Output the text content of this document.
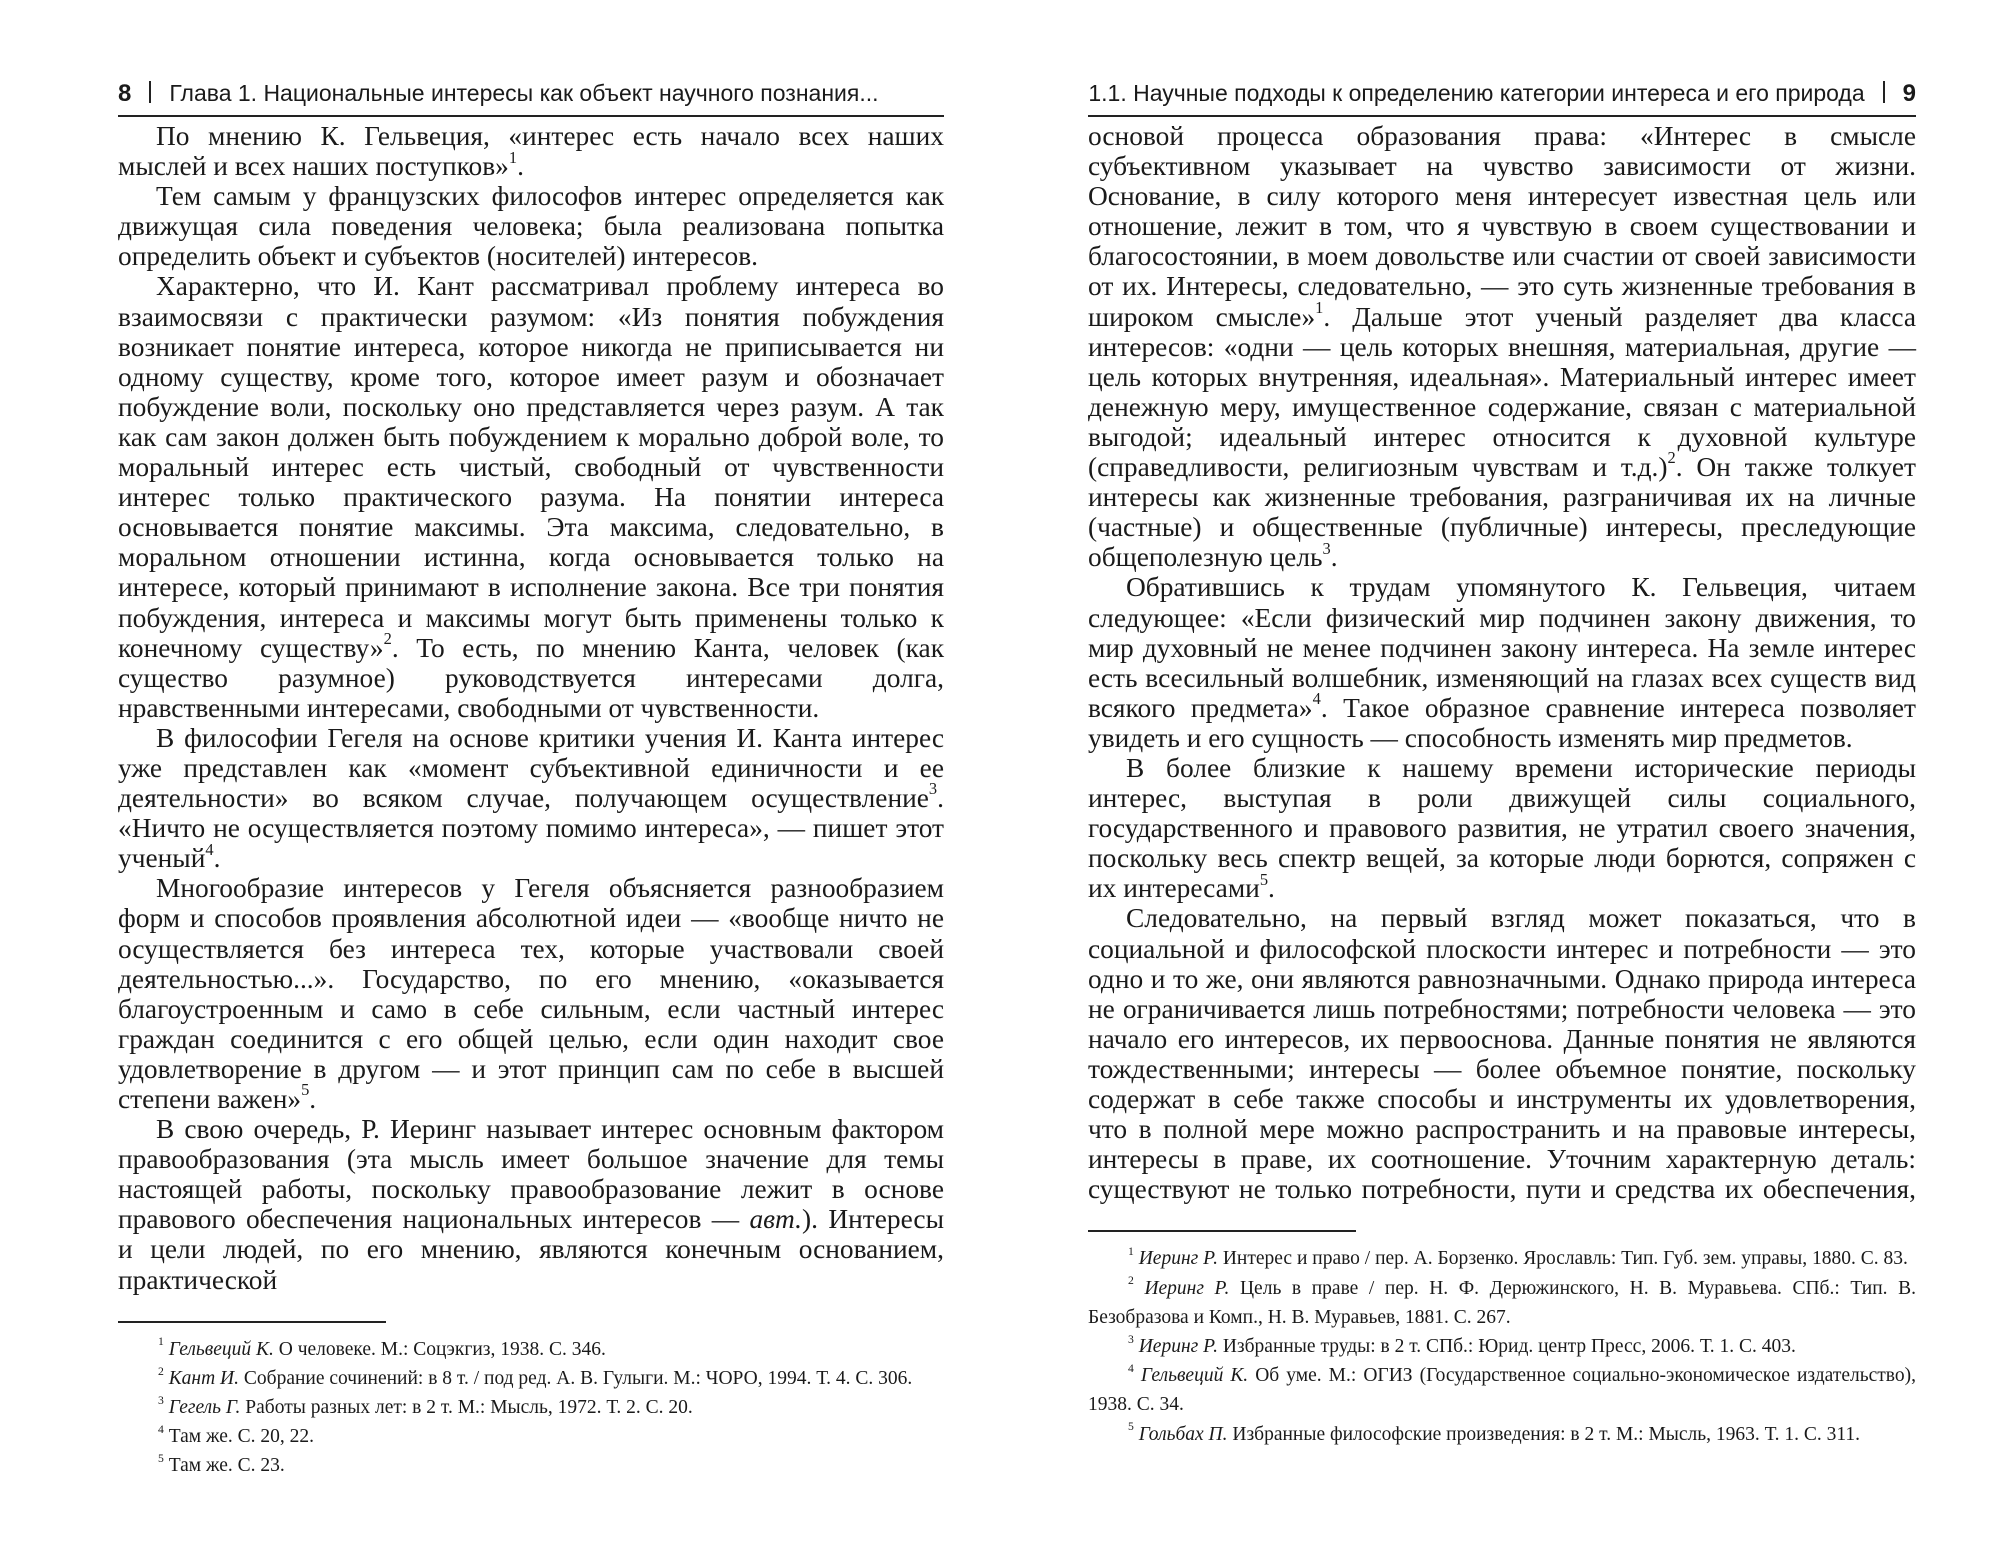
8 Глава 1. Национальные интересы как объект научного познания...

По мнению К. Гельвеция, «интерес есть начало всех наших мыслей и всех наших поступков»$^1$.

Тем самым у французских философов интерес определяется как движущая сила поведения человека; была реализована попытка определить объект и субъектов (носителей) интересов.

Характерно, что И. Кант рассматривал проблему интереса во взаимосвязи с практически разумом: «Из понятия побуждения возникает понятие интереса, которое никогда не приписывается ни одному существу, кроме того, которое имеет разум и обозначает побуждение воли, поскольку оно представляется через разум. А так как сам закон должен быть побуждением к морально доброй воле, то моральный интерес есть чистый, свободный от чувственности интерес только практического разума. На понятии интереса основывается понятие максимы. Эта максима, следовательно, в моральном отношении истинна, когда основывается только на интересе, который принимают в исполнение закона. Все три понятия побуждения, интереса и максимы могут быть применены только к конечному существу»$^2$. То есть, по мнению Канта, человек (как существо разумное) руководствуется интересами долга, нравственными интересами, свободными от чувственности.

В философии Гегеля на основе критики учения И. Канта интерес уже представлен как «момент субъективной единичности и ее деятельности» во всяком случае, получающем осуществление$^3$. «Ничто не осуществляется поэтому помимо интереса», — пишет этот ученый$^4$.

Многообразие интересов у Гегеля объясняется разнообразием форм и способов проявления абсолютной идеи — «вообще ничто не осуществляется без интереса тех, которые участвовали своей деятельностью...». Государство, по его мнению, «оказывается благоустроенным и само в себе сильным, если частный интерес граждан соединится с его общей целью, если один находит свое удовлетворение в другом — и этот принцип сам по себе в высшей степени важен»$^5$.

В свою очередь, Р. Иеринг называет интерес основным фактором правообразования (эта мысль имеет большое значение для темы настоящей работы, поскольку правообразование лежит в основе правового обеспечения национальных интересов — авт.). Интересы и цели людей, по его мнению, являются конечным основанием, практической

$^1$ Гельвеций К. О человеке. М.: Соцэкгиз, 1938. С. 346.

$^2$ Кант И. Собрание сочинений: в 8 т. / под ред. А. В. Гулыги. М.: ЧОРО, 1994. Т. 4. С. 306.

$^3$ Гегель Г. Работы разных лет: в 2 т. М.: Мысль, 1972. Т. 2. С. 20.

$^4$ Там же. С. 20, 22.

$^5$ Там же. С. 23.

1.1. Научные подходы к определению категории интереса и его природа 9

основой процесса образования права: «Интерес в смысле субъективном указывает на чувство зависимости от жизни. Основание, в силу которого меня интересует известная цель или отношение, лежит в том, что я чувствую в своем существовании и благосостоянии, в моем довольстве или счастии от своей зависимости от их. Интересы, следовательно, — это суть жизненные требования в широком смысле»$^1$. Дальше этот ученый разделяет два класса интересов: «одни — цель которых внешняя, материальная, другие — цель которых внутренняя, идеальная». Материальный интерес имеет денежную меру, имущественное содержание, связан с материальной выгодой; идеальный интерес относится к духовной культуре (справедливости, религиозным чувствам и т.д.)$^2$. Он также толкует интересы как жизненные требования, разграничивая их на личные (частные) и общественные (публичные) интересы, преследующие общеполезную цель$^3$.

Обратившись к трудам упомянутого К. Гельвеция, читаем следующее: «Если физический мир подчинен закону движения, то мир духовный не менее подчинен закону интереса. На земле интерес есть всесильный волшебник, изменяющий на глазах всех существ вид всякого предмета»$^4$. Такое образное сравнение интереса позволяет увидеть и его сущность — способность изменять мир предметов.

В более близкие к нашему времени исторические периоды интерес, выступая в роли движущей силы социального, государственного и правового развития, не утратил своего значения, поскольку весь спектр вещей, за которые люди борются, сопряжен с их интересами$^5$.

Следовательно, на первый взгляд может показаться, что в социальной и философской плоскости интерес и потребности — это одно и то же, они являются равнозначными. Однако природа интереса не ограничивается лишь потребностями; потребности человека — это начало его интересов, их первооснова. Данные понятия не являются тождественными; интересы — более объемное понятие, поскольку содержат в себе также способы и инструменты их удовлетворения, что в полной мере можно распространить и на правовые интересы, интересы в праве, их соотношение. Уточним характерную деталь: существуют не только потребности, пути и средства их обеспечения,

$^1$ Иеринг Р. Интерес и право / пер. А. Борзенко. Ярославль: Тип. Губ. зем. управы, 1880. С. 83.

$^2$ Иеринг Р. Цель в праве / пер. Н. Ф. Дерюжинского, Н. В. Муравьева. СПб.: Тип. В. Безобразова и Комп., Н. В. Муравьев, 1881. С. 267.

$^3$ Иеринг Р. Избранные труды: в 2 т. СПб.: Юрид. центр Пресс, 2006. Т. 1. С. 403.

$^4$ Гельвеций К. Об уме. М.: ОГИЗ (Государственное социально-экономическое издательство), 1938. С. 34.

$^5$ Гольбах П. Избранные философские произведения: в 2 т. М.: Мысль, 1963. Т. 1. С. 311.
